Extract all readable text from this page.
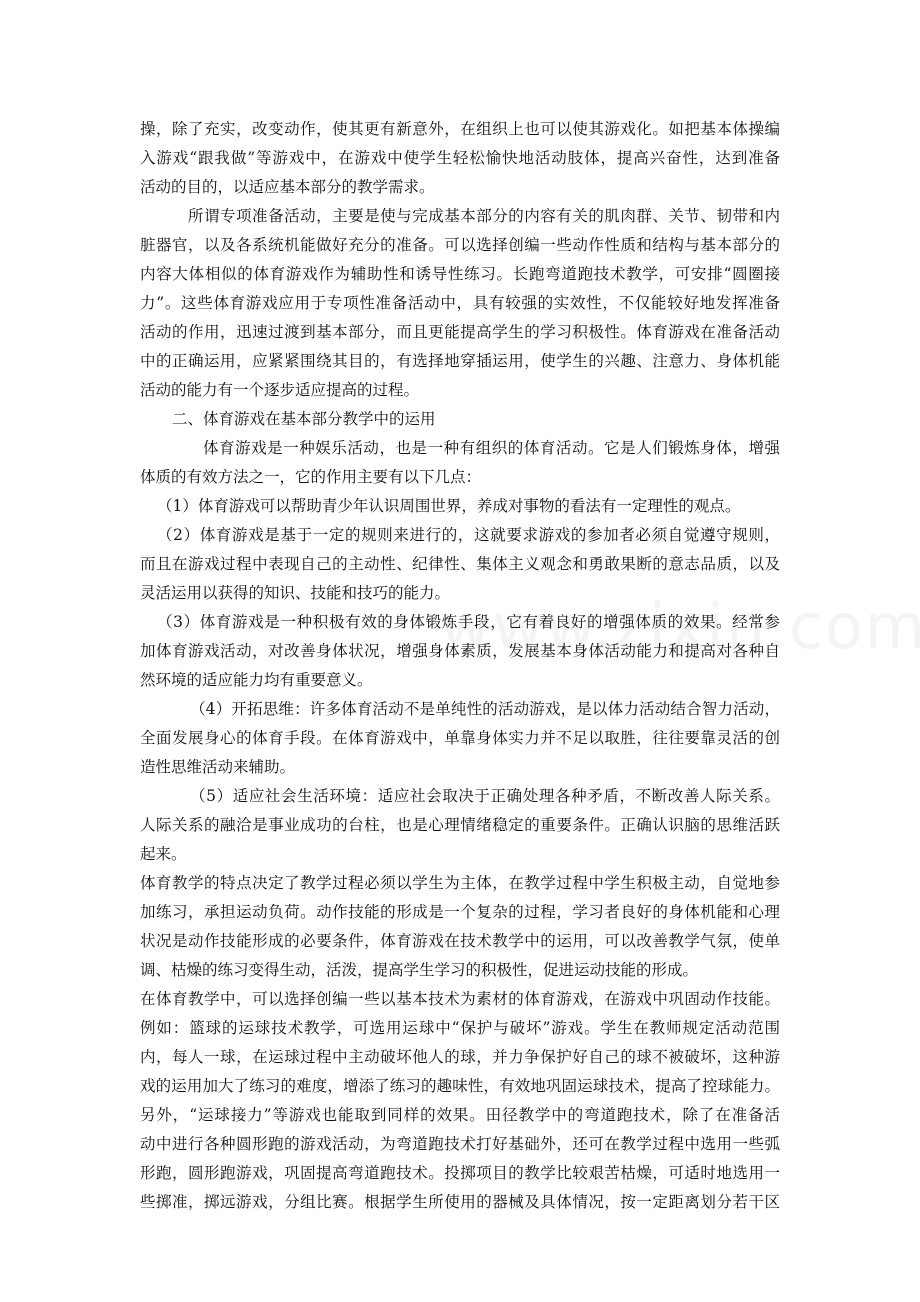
操，除了充实，改变动作，使其更有新意外，在组织上也可以使其游戏化。如把基本体操编
入游戏“跟我做”等游戏中，在游戏中使学生轻松愉快地活动肢体，提高兴奋性，达到准备
活动的目的，以适应基本部分的教学需求。
所谓专项准备活动，主要是使与完成基本部分的内容有关的肌肉群、关节、韧带和内
脏器官，以及各系统机能做好充分的准备。可以选择创编一些动作性质和结构与基本部分的
内容大体相似的体育游戏作为辅助性和诱导性练习。长跑弯道跑技术教学，可安排“圆圈接
力”。这些体育游戏应用于专项性准备活动中，具有较强的实效性，不仅能较好地发挥准备
活动的作用，迅速过渡到基本部分，而且更能提高学生的学习积极性。体育游戏在准备活动
中的正确运用，应紧紧围绕其目的，有选择地穿插运用，使学生的兴趣、注意力、身体机能
活动的能力有一个逐步适应提高的过程。
二、体育游戏在基本部分教学中的运用
体育游戏是一种娱乐活动，也是一种有组织的体育活动。它是人们锻炼身体，增强
体质的有效方法之一，它的作用主要有以下几点：
（1）体育游戏可以帮助青少年认识周围世界，养成对事物的看法有一定理性的观点。
（2）体育游戏是基于一定的规则来进行的，这就要求游戏的参加者必须自觉遵守规则，
而且在游戏过程中表现自己的主动性、纪律性、集体主义观念和勇敢果断的意志品质，以及
灵活运用以获得的知识、技能和技巧的能力。
（3）体育游戏是一种积极有效的身体锻炼手段，它有着良好的增强体质的效果。经常参
加体育游戏活动，对改善身体状况，增强身体素质，发展基本身体活动能力和提高对各种自
然环境的适应能力均有重要意义。
（4）开拓思维：许多体育活动不是单纯性的活动游戏，是以体力活动结合智力活动，
全面发展身心的体育手段。在体育游戏中，单靠身体实力并不足以取胜，往往要靠灵活的创
造性思维活动来辅助。
（5）适应社会生活环境：适应社会取决于正确处理各种矛盾，不断改善人际关系。
人际关系的融洽是事业成功的台柱，也是心理情绪稳定的重要条件。正确认识脑的思维活跃
起来。
体育教学的特点决定了教学过程必须以学生为主体，在教学过程中学生积极主动，自觉地参
加练习，承担运动负荷。动作技能的形成是一个复杂的过程，学习者良好的身体机能和心理
状况是动作技能形成的必要条件，体育游戏在技术教学中的运用，可以改善教学气氛，使单
调、枯燥的练习变得生动，活泼，提高学生学习的积极性，促进运动技能的形成。
在体育教学中，可以选择创编一些以基本技术为素材的体育游戏，在游戏中巩固动作技能。
例如：篮球的运球技术教学，可选用运球中“保护与破坏”游戏。学生在教师规定活动范围
内，每人一球，在运球过程中主动破坏他人的球，并力争保护好自己的球不被破坏，这种游
戏的运用加大了练习的难度，增添了练习的趣味性，有效地巩固运球技术，提高了控球能力。
另外，“运球接力”等游戏也能取到同样的效果。田径教学中的弯道跑技术，除了在准备活
动中进行各种圆形跑的游戏活动，为弯道跑技术打好基础外，还可在教学过程中选用一些弧
形跑，圆形跑游戏，巩固提高弯道跑技术。投掷项目的教学比较艰苦枯燥，可适时地选用一
些掷准，掷远游戏，分组比赛。根据学生所使用的器械及具体情况，按一定距离划分若干区
